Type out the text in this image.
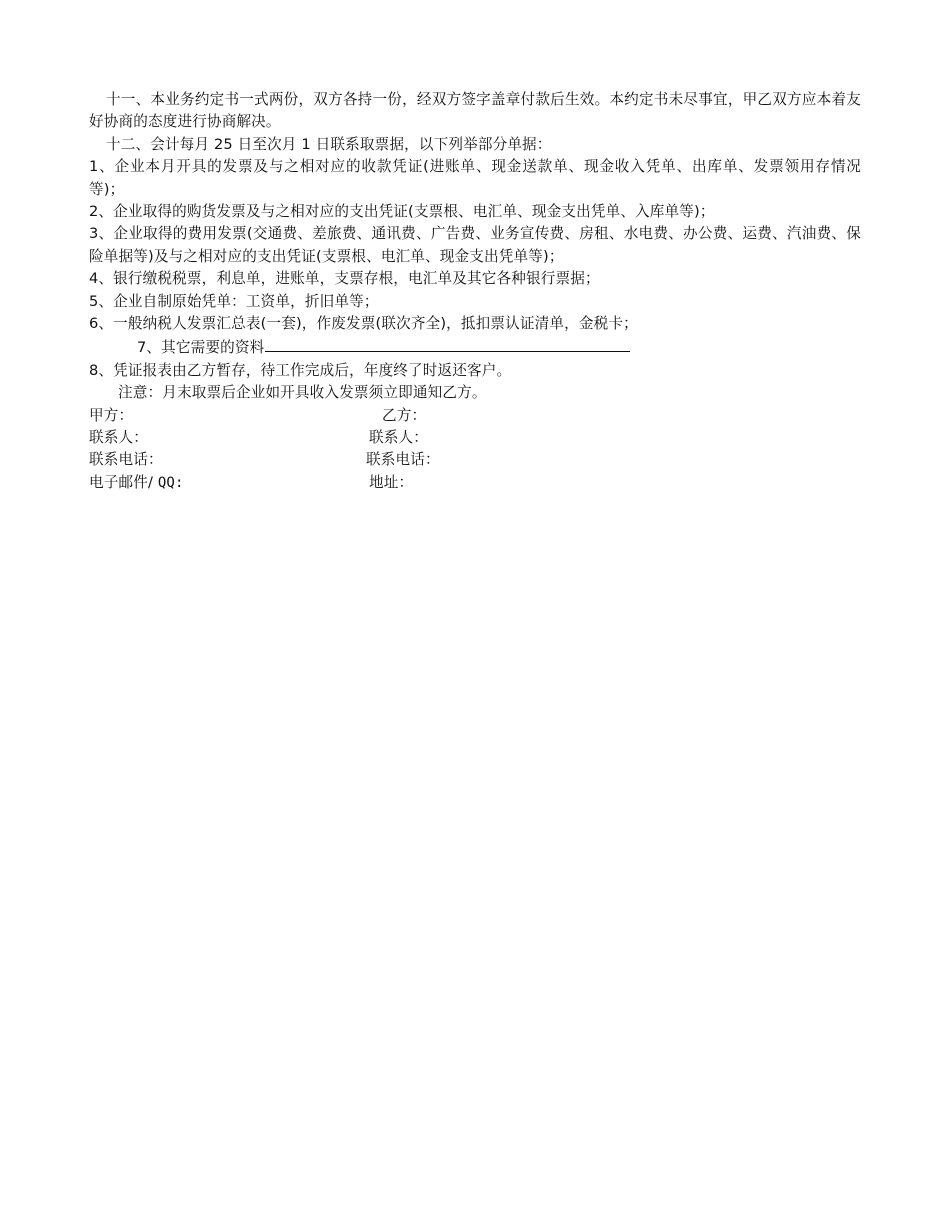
十一、本业务约定书一式两份，双方各持一份，经双方签字盖章付款后生效。本约定书未尽事宜，甲乙双方应本着友好协商的态度进行协商解决。

十二、会计每月 25 日至次月 1 日联系取票据，以下列举部分单据：

1、企业本月开具的发票及与之相对应的收款凭证(进账单、现金送款单、现金收入凭单、出库单、发票领用存情况等)；

2、企业取得的购货发票及与之相对应的支出凭证(支票根、电汇单、现金支出凭单、入库单等)；

3、企业取得的费用发票(交通费、差旅费、通讯费、广告费、业务宣传费、房租、水电费、办公费、运费、汽油费、保险单据等)及与之相对应的支出凭证(支票根、电汇单、现金支出凭单等)；

4、银行缴税税票，利息单，进账单，支票存根，电汇单及其它各种银行票据；

5、企业自制原始凭单：工资单，折旧单等；

6、一般纳税人发票汇总表(一套)，作废发票(联次齐全)，抵扣票认证清单，金税卡；

7、其它需要的资料

8、凭证报表由乙方暂存，待工作完成后，年度终了时返还客户。

注意：月末取票后企业如开具收入发票须立即通知乙方。

甲方：	乙方：
联系人：	联系人：
联系电话：	联系电话：
电子邮件/ QQ:	地址：
